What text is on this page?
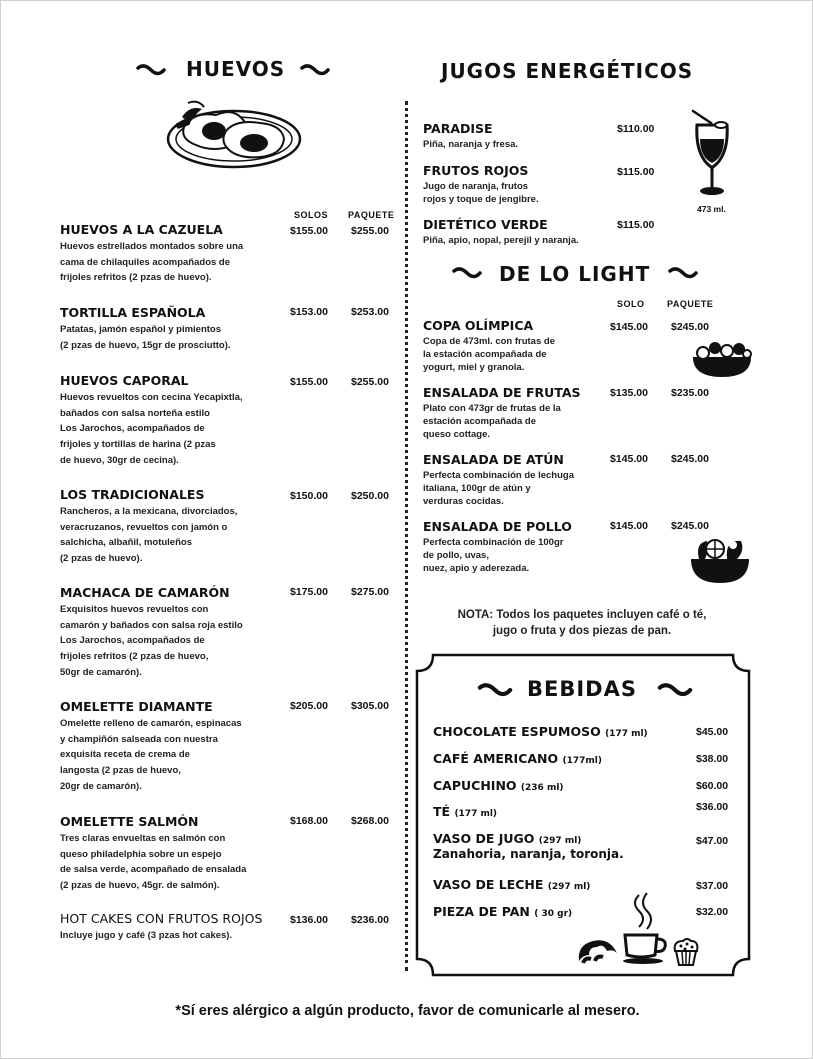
HUEVOS
SOLOS PAQUETE
HUEVOS A LA CAZUELA
Huevos estrellados montados sobre una
cama de chilaquiles acompañados de
frijoles refritos (2 pzas de huevo).
$155.00 $255.00
TORTILLA ESPAÑOLA
Patatas, jamón español y pimientos
(2 pzas de huevo, 15gr de prosciutto).
$153.00 $253.00
HUEVOS CAPORAL
Huevos revueltos con cecina Yecapixtla,
bañados con salsa norteña estilo
Los Jarochos, acompañados de
frijoles y tortillas de harina (2 pzas
de huevo, 30gr de cecina).
$155.00 $255.00
LOS TRADICIONALES
Rancheros, a la mexicana, divorciados,
veracruzanos, revueltos con jamón o
salchicha, albañil, motuleños
(2 pzas de huevo).
$150.00 $250.00
MACHACA DE CAMARÓN
Exquisitos huevos revueltos con
camarón y bañados con salsa roja estilo
Los Jarochos, acompañados de
frijoles refritos (2 pzas de huevo,
50gr de camarón).
$175.00 $275.00
OMELETTE DIAMANTE
Omelette relleno de camarón, espinacas
y champiñón salseada con nuestra
exquisita receta de crema de
langosta (2 pzas de huevo,
20gr de camarón).
$205.00 $305.00
OMELETTE SALMÓN
Tres claras envueltas en salmón con
queso philadelphia sobre un espejo
de salsa verde, acompañado de ensalada
(2 pzas de huevo, 45gr. de salmón).
$168.00 $268.00
HOT CAKES CON FRUTOS ROJOS
Incluye jugo y café (3 pzas hot cakes).
$136.00 $236.00
JUGOS ENERGÉTICOS
PARADISE
Piña, naranja y fresa.
$110.00
FRUTOS ROJOS
Jugo de naranja, frutos
rojos y toque de jengibre.
$115.00
DIETÉTICO VERDE
Piña, apio, nopal, perejil y naranja.
$115.00
473 ml.
DE LO LIGHT
SOLO PAQUETE
COPA OLÍMPICA
Copa de 473ml. con frutas de
la estación acompañada de
yogurt, miel y granola.
$145.00 $245.00
ENSALADA DE FRUTAS
Plato con 473gr de frutas de la
estación acompañada de
queso cottage.
$135.00 $235.00
ENSALADA DE ATÚN
Perfecta combinación de lechuga
italiana, 100gr de atún y
verduras cocidas.
$145.00 $245.00
ENSALADA DE POLLO
Perfecta combinación de 100gr
de pollo, uvas,
nuez, apio y aderezada.
$145.00 $245.00
NOTA: Todos los paquetes incluyen café o té,
jugo o fruta y dos piezas de pan.
BEBIDAS
CHOCOLATE ESPUMOSO (177 ml)	$45.00
CAFÉ AMERICANO (177ml)	$38.00
CAPUCHINO (236 ml)	$60.00
TÉ (177 ml)
$36.00
VASO DE JUGO (297 ml)
Zanahoria, naranja, toronja.
$47.00
VASO DE LECHE (297 ml)	$37.00
PIEZA DE PAN ( 30 gr)	$32.00
*Sí eres alérgico a algún producto, favor de comunicarle al mesero.
